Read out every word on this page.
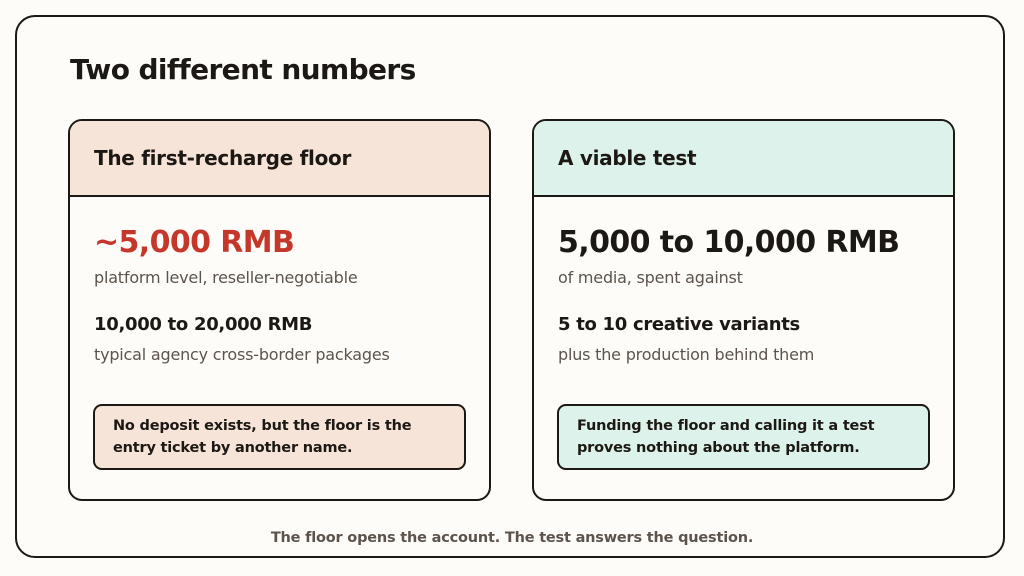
Two different numbers
The first-recharge floor
~5,000 RMB
platform level, reseller-negotiable
10,000 to 20,000 RMB
typical agency cross-border packages
No deposit exists, but the floor is the entry ticket by another name.
A viable test
5,000 to 10,000 RMB
of media, spent against
5 to 10 creative variants
plus the production behind them
Funding the floor and calling it a test proves nothing about the platform.
The floor opens the account. The test answers the question.
